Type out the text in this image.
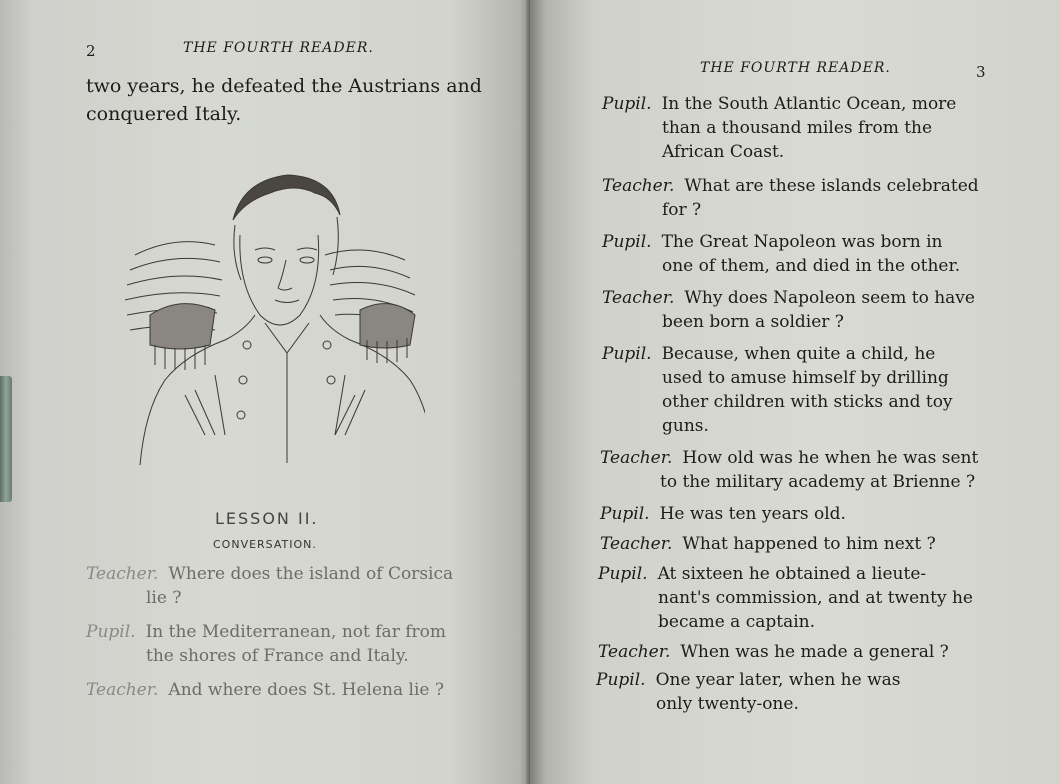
2	THE FOURTH READER.
two years, he defeated the Austrians and
conquered Italy.
LESSON II.
CONVERSATION.
Teacher. Where does the island of Corsica
lie ?
Pupil. In the Mediterranean, not far from
the shores of France and Italy.
Teacher. And where does St. Helena lie ?
THE FOURTH READER.	3
Pupil. In the South Atlantic Ocean, more
than a thousand miles from the
African Coast.
Teacher. What are these islands celebrated
for ?
Pupil. The Great Napoleon was born in
one of them, and died in the other.
Teacher. Why does Napoleon seem to have
been born a soldier ?
Pupil. Because, when quite a child, he
used to amuse himself by drilling
other children with sticks and toy
guns.
Teacher. How old was he when he was sent
to the military academy at Brienne ?
Pupil. He was ten years old.
Teacher. What happened to him next ?
Pupil. At sixteen he obtained a lieute-
nant's commission, and at twenty he
became a captain.
Teacher. When was he made a general ?
Pupil. One year later, when he was
only twenty-one.
